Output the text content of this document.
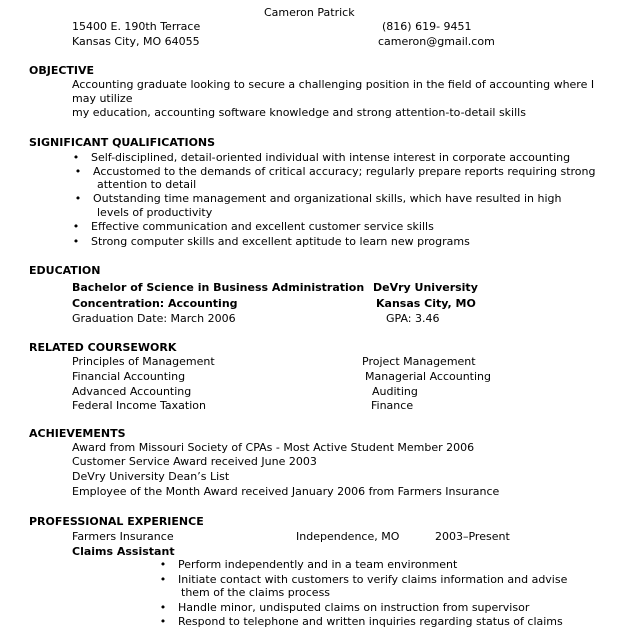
Cameron Patrick
15400 E. 190th Terrace	(816) 619- 9451
Kansas City, MO 64055	cameron@gmail.com
OBJECTIVE
Accounting graduate looking to secure a challenging position in the field of accounting where I
may utilize
my education, accounting software knowledge and strong attention-to-detail skills
SIGNIFICANT QUALIFICATIONS
• Self-disciplined, detail-oriented individual with intense interest in corporate accounting
• Accustomed to the demands of critical accuracy; regularly prepare reports requiring strong
attention to detail
• Outstanding time management and organizational skills, which have resulted in high
levels of productivity
• Effective communication and excellent customer service skills
• Strong computer skills and excellent aptitude to learn new programs
EDUCATION
Bachelor of Science in Business Administration DeVry University
Concentration: Accounting	Kansas City, MO
Graduation Date: March 2006	GPA: 3.46
RELATED COURSEWORK
Principles of Management	Project Management
Financial Accounting	Managerial Accounting
Advanced Accounting	Auditing
Federal Income Taxation	Finance
ACHIEVEMENTS
Award from Missouri Society of CPAs - Most Active Student Member 2006
Customer Service Award received June 2003
DeVry University Dean’s List
Employee of the Month Award received January 2006 from Farmers Insurance
PROFESSIONAL EXPERIENCE
Farmers Insurance	Independence, MO	2003–Present
Claims Assistant
• Perform independently and in a team environment
• Initiate contact with customers to verify claims information and advise
them of the claims process
• Handle minor, undisputed claims on instruction from supervisor
• Respond to telephone and written inquiries regarding status of claims
